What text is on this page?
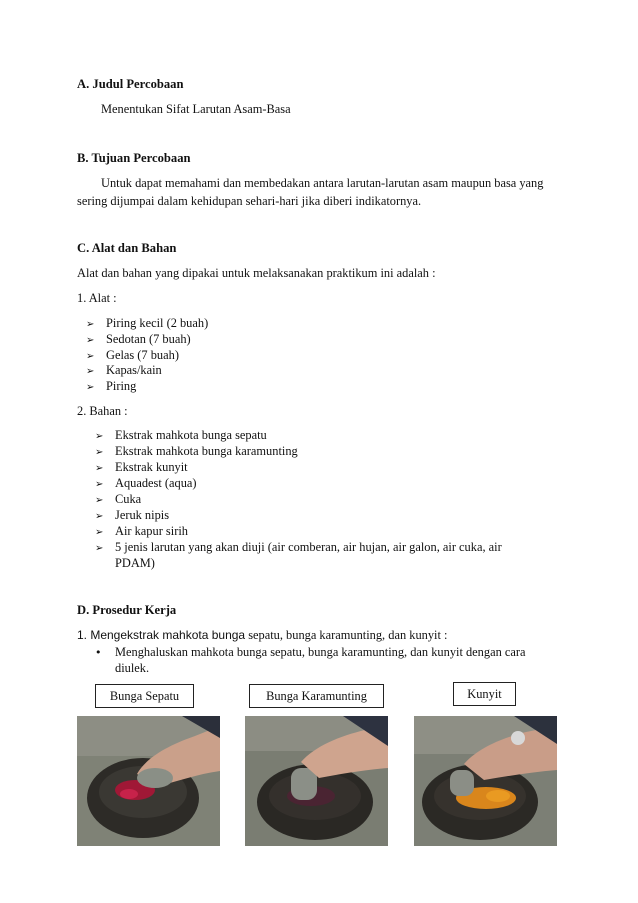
A. Judul Percobaan
Menentukan Sifat Larutan Asam-Basa
B. Tujuan Percobaan
Untuk dapat memahami dan membedakan antara larutan-larutan asam maupun basa yang
sering dijumpai dalam kehidupan sehari-hari jika diberi indikatornya.
C. Alat dan Bahan
Alat dan bahan yang dipakai untuk melaksanakan praktikum ini adalah :
1. Alat :
➢ Piring kecil (2 buah)
➢ Sedotan (7 buah)
➢ Gelas (7 buah)
➢ Kapas/kain
➢ Piring
2. Bahan :
➢ Ekstrak mahkota bunga sepatu
➢ Ekstrak mahkota bunga karamunting
➢ Ekstrak kunyit
➢ Aquadest (aqua)
➢ Cuka
➢ Jeruk nipis
➢ Air kapur sirih
➢ 5 jenis larutan yang akan diuji (air comberan, air hujan, air galon, air cuka, air
PDAM)
D. Prosedur Kerja
1. Mengekstrak mahkota bunga sepatu, bunga karamunting, dan kunyit :
• Menghaluskan mahkota bunga sepatu, bunga karamunting, dan kunyit dengan cara
diulek.
Bunga Sepatu	Bunga Karamunting	Kunyit
